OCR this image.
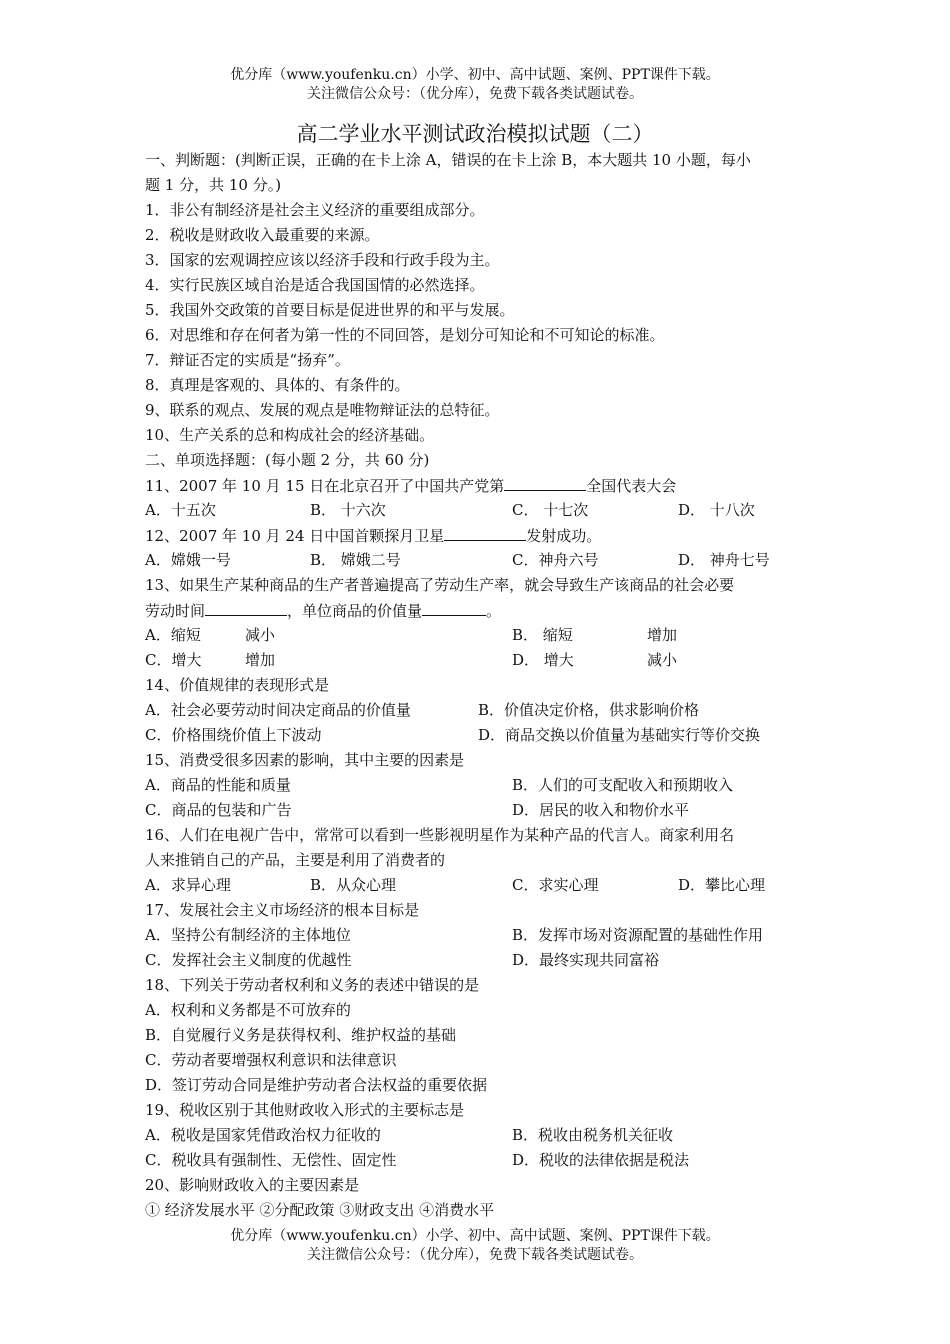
优分库（www.youfenku.cn）小学、初中、高中试题、案例、PPT课件下载。
关注微信公众号：（优分库），免费下载各类试题试卷。
高二学业水平测试政治模拟试题（二）
一、判断题：(判断正误，正确的在卡上涂 A，错误的在卡上涂 B，本大题共 10 小题，每小
题 1 分，共 10 分。)
1．非公有制经济是社会主义经济的重要组成部分。
2．税收是财政收入最重要的来源。
3．国家的宏观调控应该以经济手段和行政手段为主。
4．实行民族区域自治是适合我国国情的必然选择。
5．我国外交政策的首要目标是促进世界的和平与发展。
6．对思维和存在何者为第一性的不同回答，是划分可知论和不可知论的标准。
7．辩证否定的实质是“扬弃”。
8．真理是客观的、具体的、有条件的。
9、联系的观点、发展的观点是唯物辩证法的总特征。
10、生产关系的总和构成社会的经济基础。
二、单项选择题：(每小题 2 分，共 60 分)
11、2007 年 10 月 15 日在北京召开了中国共产党第	全国代表大会
A．十五次	B． 十六次	C． 十七次	D． 十八次
12、2007 年 10 月 24 日中国首颗探月卫星	发射成功。
A．嫦娥一号	B． 嫦娥二号	C．神舟六号	D． 神舟七号
13、如果生产某种商品的生产者普遍提高了劳动生产率，就会导致生产该商品的社会必要
劳动时间	，单位商品的价值量	。
A．缩短	减小	B． 缩短	增加
C．增大	增加	D． 增大	减小
14、价值规律的表现形式是
A．社会必要劳动时间决定商品的价值量	B．价值决定价格，供求影响价格
C．价格围绕价值上下波动	D．商品交换以价值量为基础实行等价交换
15、消费受很多因素的影响，其中主要的因素是
A．商品的性能和质量	B．人们的可支配收入和预期收入
C．商品的包装和广告	D．居民的收入和物价水平
16、人们在电视广告中，常常可以看到一些影视明星作为某种产品的代言人。商家利用名
人来推销自己的产品，主要是利用了消费者的
A．求异心理	B．从众心理	C．求实心理	D．攀比心理
17、发展社会主义市场经济的根本目标是
A．坚持公有制经济的主体地位	B．发挥市场对资源配置的基础性作用
C．发挥社会主义制度的优越性	D．最终实现共同富裕
18、下列关于劳动者权利和义务的表述中错误的是
A．权利和义务都是不可放弃的
B．自觉履行义务是获得权利、维护权益的基础
C．劳动者要增强权利意识和法律意识
D．签订劳动合同是维护劳动者合法权益的重要依据
19、税收区别于其他财政收入形式的主要标志是
A．税收是国家凭借政治权力征收的	B．税收由税务机关征收
C．税收具有强制性、无偿性、固定性	D．税收的法律依据是税法
20、影响财政收入的主要因素是
① 经济发展水平 ②分配政策 ③财政支出 ④消费水平
优分库（www.youfenku.cn）小学、初中、高中试题、案例、PPT课件下载。
关注微信公众号：（优分库），免费下载各类试题试卷。
